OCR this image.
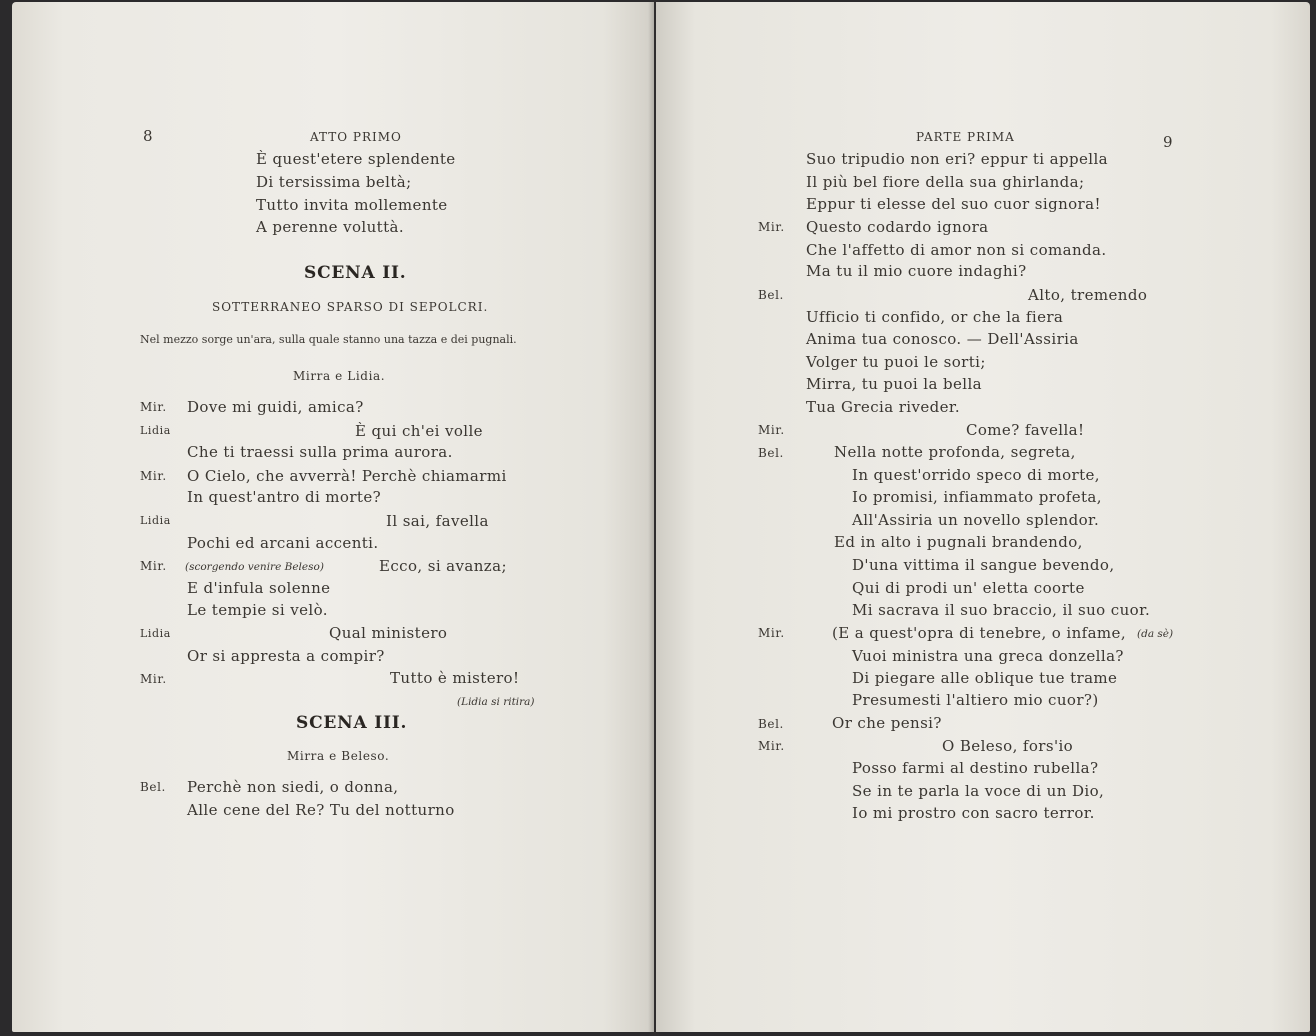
8	ATTO PRIMO
È quest'etere splendente
Di tersissima beltà;
Tutto invita mollemente
A perenne voluttà.
SCENA II.
SOTTERRANEO SPARSO DI SEPOLCRI.
Nel mezzo sorge un'ara, sulla quale stanno una tazza e dei pugnali.
Mirra e Lidia.
Mir. Dove mi guidi, amica?
Lidia	È qui ch'ei volle
Che ti traessi sulla prima aurora.
Mir. O Cielo, che avverrà! Perchè chiamarmi
In quest'antro di morte?
Lidia	Il sai, favella
Pochi ed arcani accenti.
Mir. (scorgendo venire Beleso)	Ecco, si avanza;
E d'infula solenne
Le tempie si velò.
Lidia	Qual ministero
Or si appresta a compir?
Mir.	Tutto è mistero!
(Lidia si ritira)
SCENA III.
Mirra e Beleso.
Bel. Perchè non siedi, o donna,
Alle cene del Re? Tu del notturno
PARTE PRIMA	9
Suo tripudio non eri? eppur ti appella
Il più bel fiore della sua ghirlanda;
Eppur ti elesse del suo cuor signora!
Mir. Questo codardo ignora
Che l'affetto di amor non si comanda.
Ma tu il mio cuore indaghi?
Bel.	Alto, tremendo
Ufficio ti confido, or che la fiera
Anima tua conosco. — Dell'Assiria
Volger tu puoi le sorti;
Mirra, tu puoi la bella
Tua Grecia riveder.
Mir.	Come? favella!
Bel.	Nella notte profonda, segreta,
In quest'orrido speco di morte,
Io promisi, infiammato profeta,
All'Assiria un novello splendor.
Ed in alto i pugnali brandendo,
D'una vittima il sangue bevendo,
Qui di prodi un' eletta coorte
Mi sacrava il suo braccio, il suo cuor.
Mir.	(E a quest'opra di tenebre, o infame, (da sè)
Vuoi ministra una greca donzella?
Di piegare alle oblique tue trame
Presumesti l'altiero mio cuor?)
Bel.	Or che pensi?
Mir.	O Beleso, fors'io
Posso farmi al destino rubella?
Se in te parla la voce di un Dio,
Io mi prostro con sacro terror.
